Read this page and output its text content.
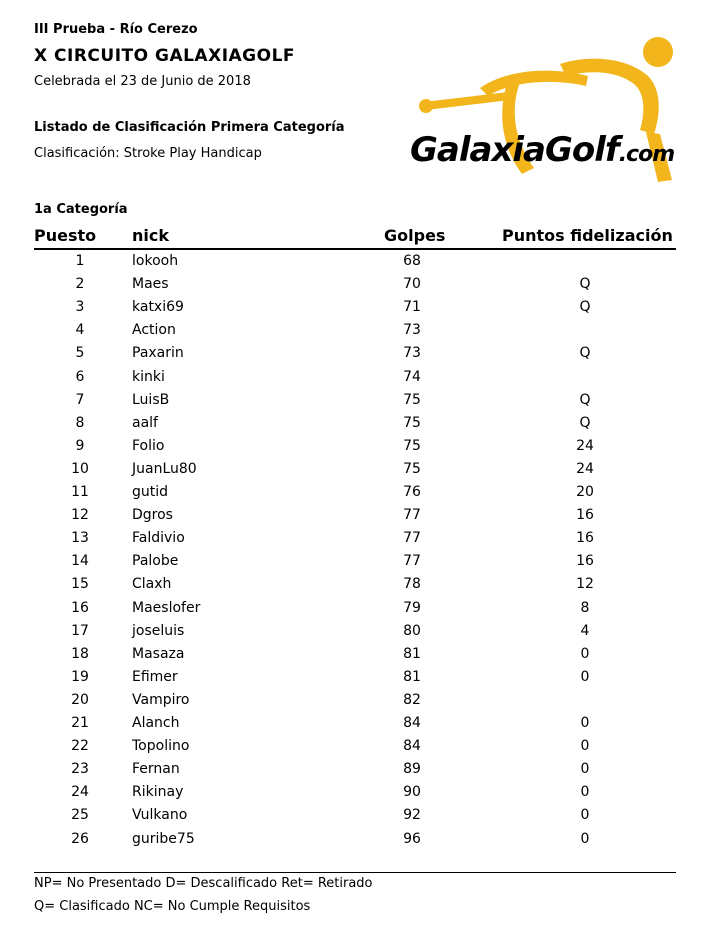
III Prueba - Río Cerezo
X CIRCUITO GALAXIAGOLF
Celebrada el 23 de Junio de 2018
Listado de Clasificación Primera Categoría
Clasificación: Stroke Play Handicap	GalaxiaGolf.com
1a Categoría
Puesto nick	Golpes	Puntos fidelización
1	lokooh	68
2	Maes	70	Q
3	katxi69	71	Q
4	Action	73
5	Paxarin	73	Q
6	kinki	74
7	LuisB	75	Q
8	aalf	75	Q
9	Folio	75	24
10	JuanLu80	75	24
11	gutid	76	20
12	Dgros	77	16
13	Faldivio	77	16
14	Palobe	77	16
15	Claxh	78	12
16	Maeslofer	79	8
17	joseluis	80	4
18	Masaza	81	0
19	Efimer	81	0
20	Vampiro	82
21	Alanch	84	0
22	Topolino	84	0
23	Fernan	89	0
24	Rikinay	90	0
25	Vulkano	92	0
26	guribe75	96	0
NP= No Presentado D= Descalificado Ret= Retirado
Q= Clasificado NC= No Cumple Requisitos
